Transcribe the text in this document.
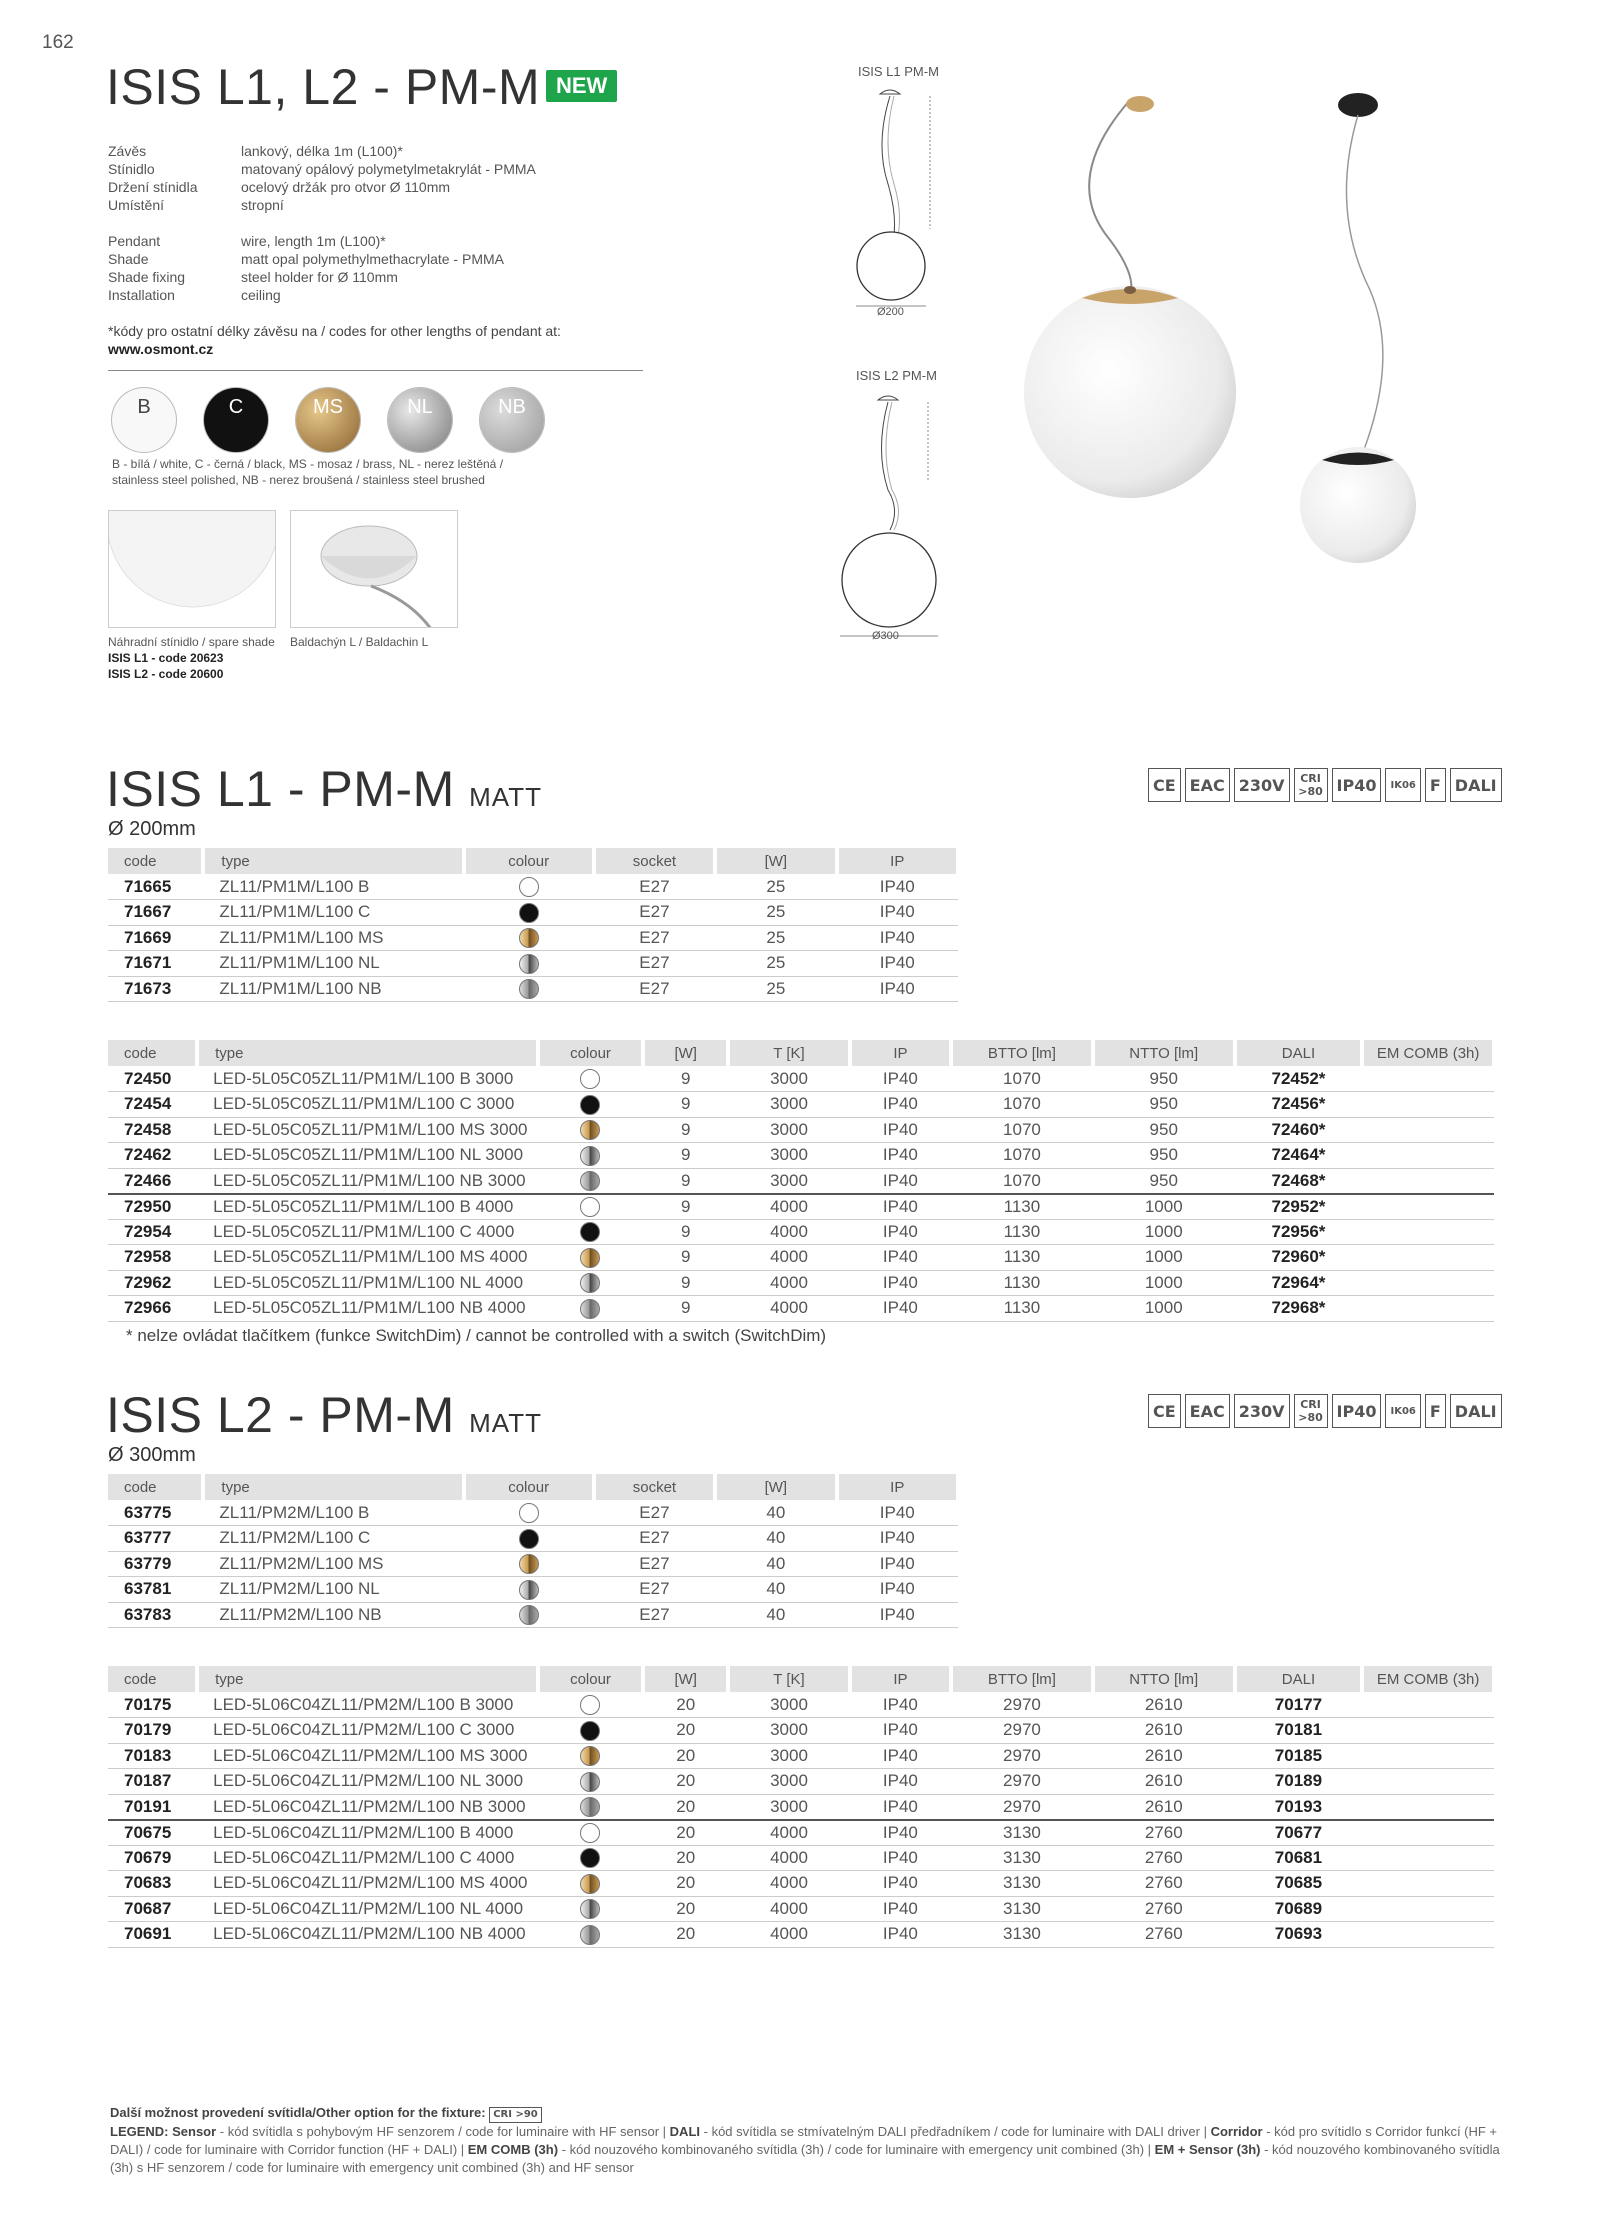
162
ISIS L1, L2 - PM-M NEW
Závěs	lankový, délka 1m (L100)*
Stínidlo	matovaný opálový polymetylmetakrylát - PMMA
Držení stínidla	ocelový držák pro otvor Ø 110mm
Umístění	stropní
Pendant	wire, length 1m (L100)*
Shade	matt opal polymethylmethacrylate - PMMA
Shade fixing	steel holder for Ø 110mm
Installation	ceiling
*kódy pro ostatní délky závěsu na / codes for other lengths of pendant at:
www.osmont.cz
B	C	MS	NL	NB
B - bílá / white, C - černá / black, MS - mosaz / brass, NL - nerez leštěná /
stainless steel polished, NB - nerez broušená / stainless steel brushed
Náhradní stínidlo / spare shade
ISIS L1 - code 20623
ISIS L2 - code 20600
Baldachýn L / Baldachin L
ISIS L1 PM-M
Ø200
ISIS L2 PM-M
Ø300
ISIS L1 - PM-M MATT
Ø 200mm
CE EAC 230V	CRI >80 IP40	IK06 F DALI
code	type	colour	socket	[W]	IP
71665	ZL11/PM1M/L100 B		E27	25	IP40
71667	ZL11/PM1M/L100 C		E27	25	IP40
71669	ZL11/PM1M/L100 MS		E27	25	IP40
71671	ZL11/PM1M/L100 NL		E27	25	IP40
71673	ZL11/PM1M/L100 NB		E27	25	IP40
code	type	colour	[W]	T [K]	IP	BTTO [lm]	NTTO [lm]	DALI	EM COMB (3h)
72450	LED-5L05C05ZL11/PM1M/L100 B 3000		9	3000	IP40	1070	950	72452*	
72454	LED-5L05C05ZL11/PM1M/L100 C 3000		9	3000	IP40	1070	950	72456*	
72458	LED-5L05C05ZL11/PM1M/L100 MS 3000		9	3000	IP40	1070	950	72460*	
72462	LED-5L05C05ZL11/PM1M/L100 NL 3000		9	3000	IP40	1070	950	72464*	
72466	LED-5L05C05ZL11/PM1M/L100 NB 3000		9	3000	IP40	1070	950	72468*	
72950	LED-5L05C05ZL11/PM1M/L100 B 4000		9	4000	IP40	1130	1000	72952*	
72954	LED-5L05C05ZL11/PM1M/L100 C 4000		9	4000	IP40	1130	1000	72956*	
72958	LED-5L05C05ZL11/PM1M/L100 MS 4000		9	4000	IP40	1130	1000	72960*	
72962	LED-5L05C05ZL11/PM1M/L100 NL 4000		9	4000	IP40	1130	1000	72964*	
72966	LED-5L05C05ZL11/PM1M/L100 NB 4000		9	4000	IP40	1130	1000	72968*	
* nelze ovládat tlačítkem (funkce SwitchDim) / cannot be controlled with a switch (SwitchDim)
ISIS L2 - PM-M MATT
Ø 300mm
CE EAC 230V	CRI >80 IP40	IK06 F DALI
code	type	colour	socket	[W]	IP
63775	ZL11/PM2M/L100 B		E27	40	IP40
63777	ZL11/PM2M/L100 C		E27	40	IP40
63779	ZL11/PM2M/L100 MS		E27	40	IP40
63781	ZL11/PM2M/L100 NL		E27	40	IP40
63783	ZL11/PM2M/L100 NB		E27	40	IP40
code	type	colour	[W]	T [K]	IP	BTTO [lm]	NTTO [lm]	DALI	EM COMB (3h)
70175	LED-5L06C04ZL11/PM2M/L100 B 3000		20	3000	IP40	2970	2610	70177	
70179	LED-5L06C04ZL11/PM2M/L100 C 3000		20	3000	IP40	2970	2610	70181	
70183	LED-5L06C04ZL11/PM2M/L100 MS 3000		20	3000	IP40	2970	2610	70185	
70187	LED-5L06C04ZL11/PM2M/L100 NL 3000		20	3000	IP40	2970	2610	70189	
70191	LED-5L06C04ZL11/PM2M/L100 NB 3000		20	3000	IP40	2970	2610	70193	
70675	LED-5L06C04ZL11/PM2M/L100 B 4000		20	4000	IP40	3130	2760	70677	
70679	LED-5L06C04ZL11/PM2M/L100 C 4000		20	4000	IP40	3130	2760	70681	
70683	LED-5L06C04ZL11/PM2M/L100 MS 4000		20	4000	IP40	3130	2760	70685	
70687	LED-5L06C04ZL11/PM2M/L100 NL 4000		20	4000	IP40	3130	2760	70689	
70691	LED-5L06C04ZL11/PM2M/L100 NB 4000		20	4000	IP40	3130	2760	70693	
Další možnost provedení svítidla/Other option for the fixture: CRI >90
LEGEND: Sensor - kód svítidla s pohybovým HF senzorem / code for luminaire with HF sensor | DALI - kód svítidla se stmívatelným DALI předřadníkem / code for luminaire with DALI driver | Corridor - kód pro svítidlo s Corridor funkcí (HF + DALI) / code for luminaire with Corridor function (HF + DALI) | EM COMB (3h) - kód nouzového kombinovaného svítidla (3h) / code for luminaire with emergency unit combined (3h) | EM + Sensor (3h) - kód nouzového kombinovaného svítidla (3h) s HF senzorem / code for luminaire with emergency unit combined (3h) and HF sensor
